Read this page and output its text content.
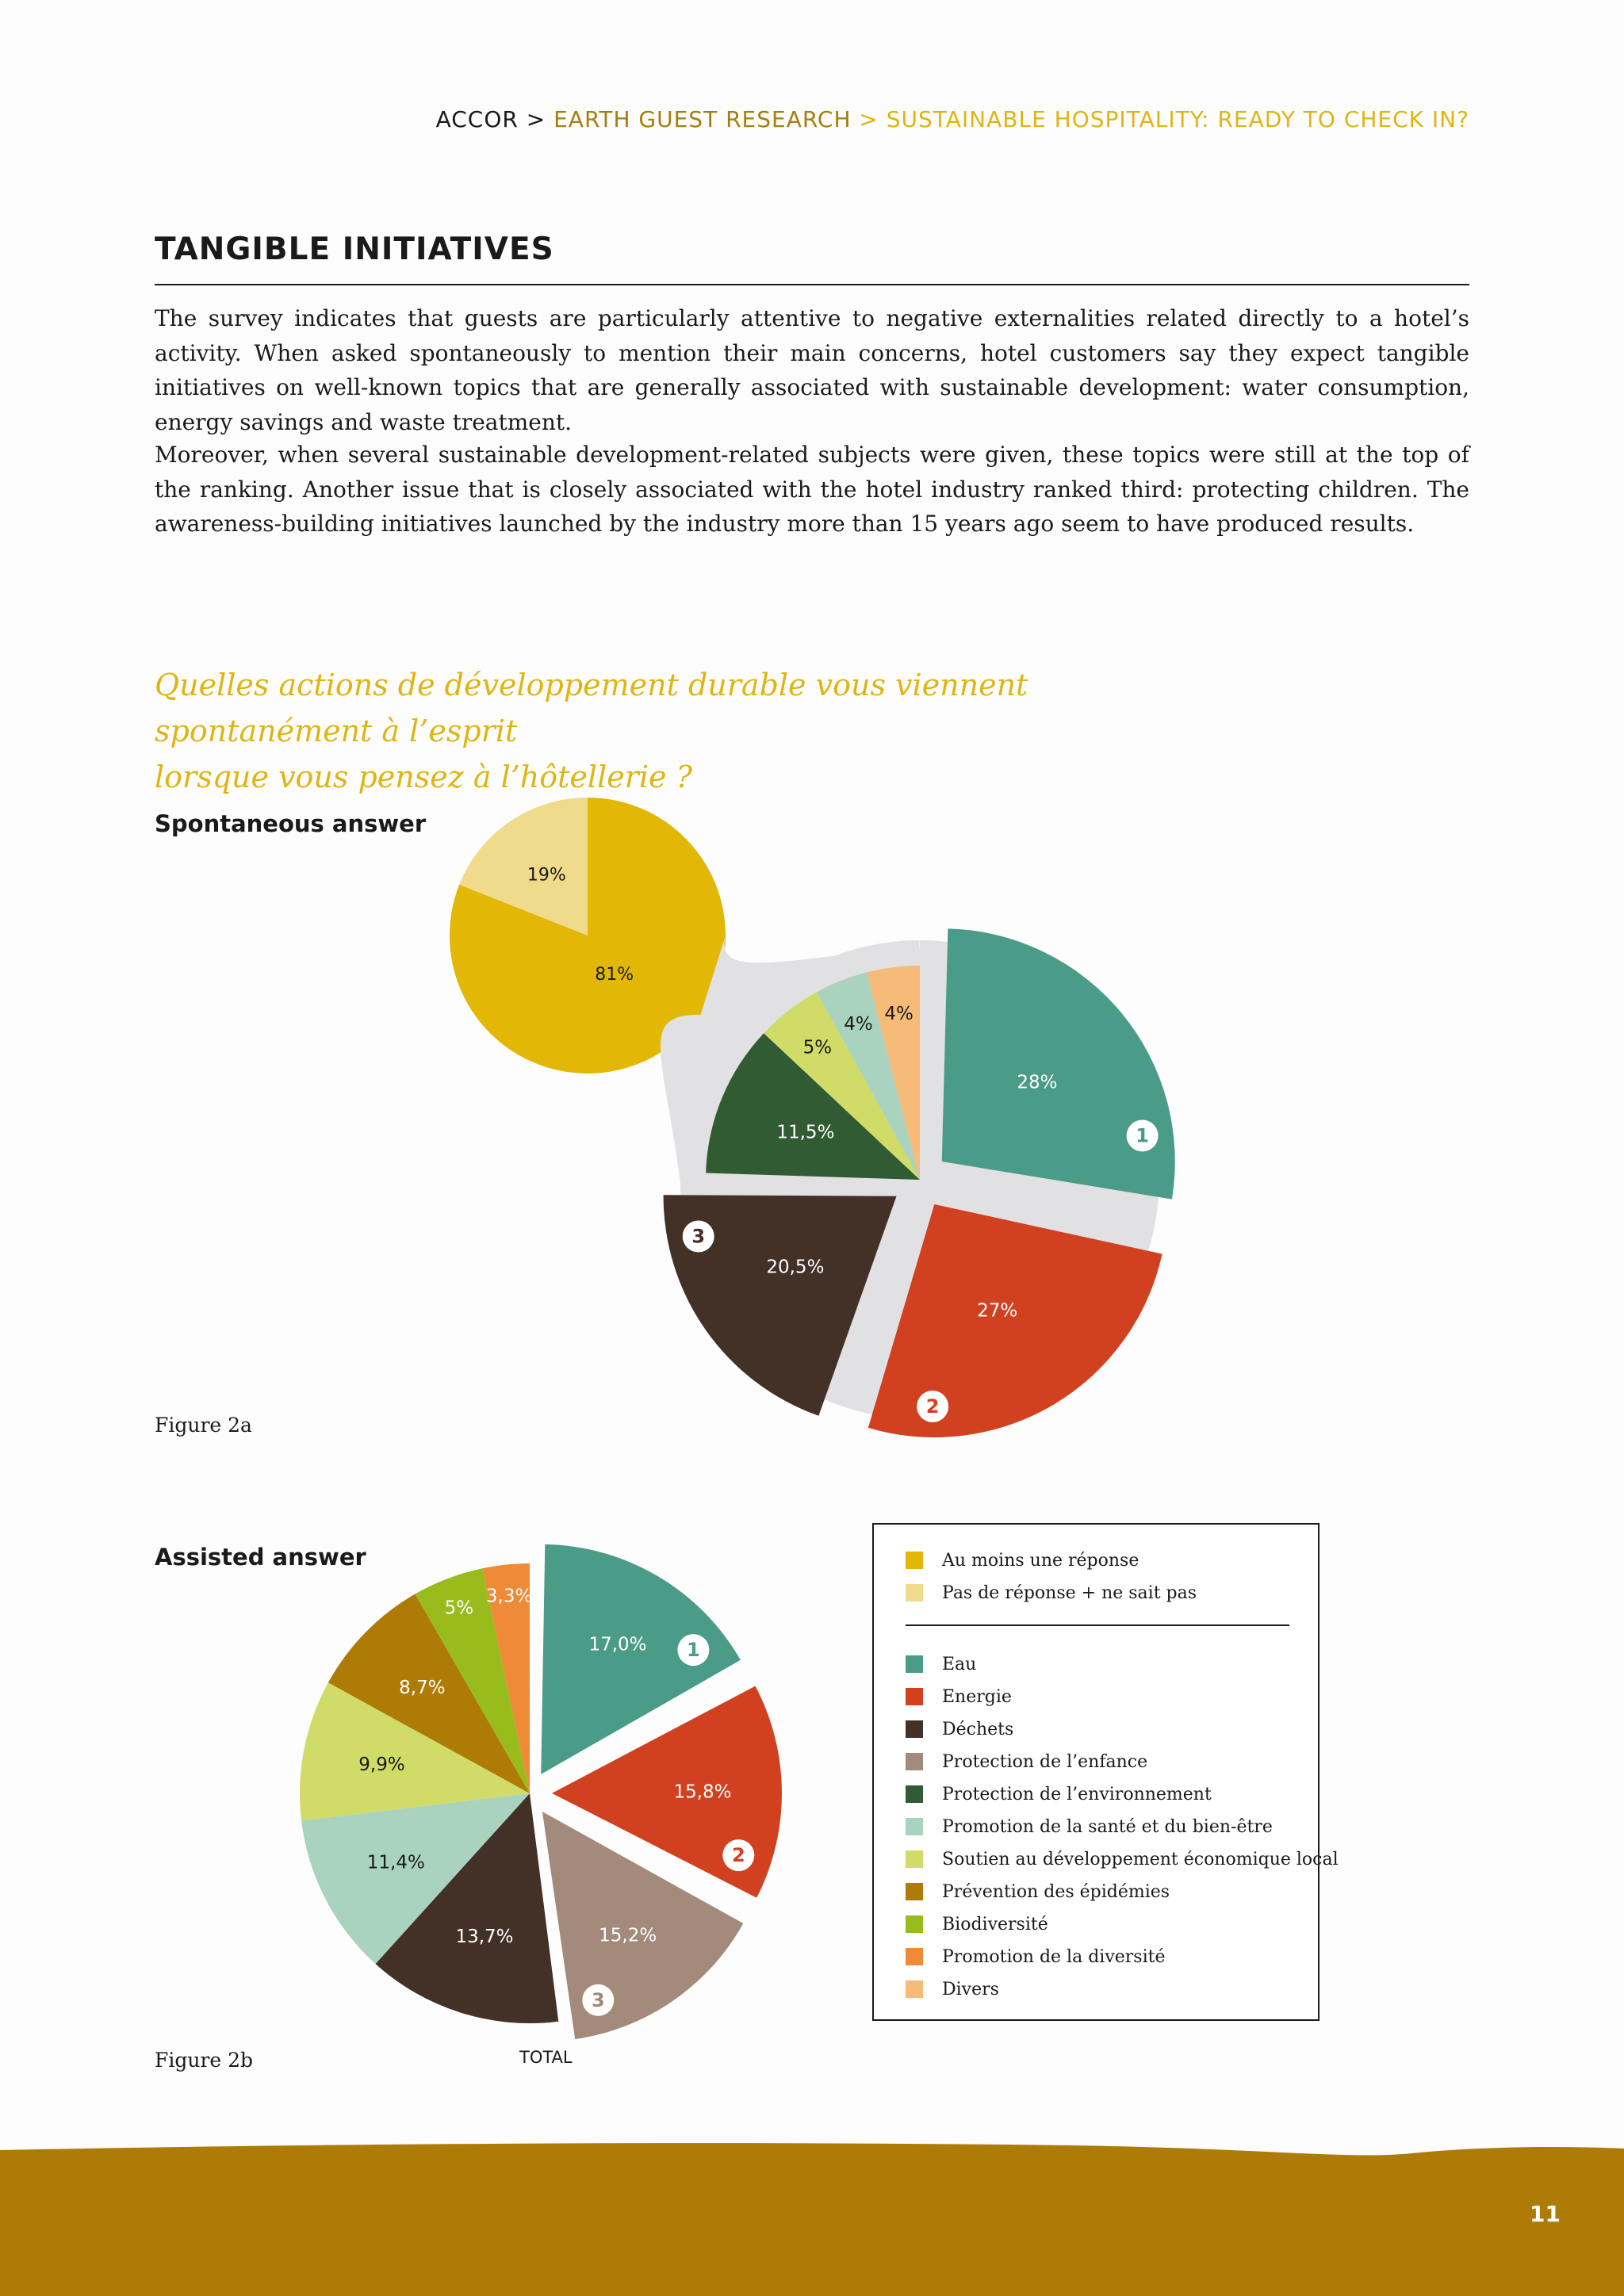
ACCOR > EARTH GUEST RESEARCH > SUSTAINABLE HOSPITALITY: READY TO CHECK IN?
TANGIBLE INITIATIVES

The survey indicates that guests are particularly attentive to negative externalities related directly to a hotel’s activity. When asked spontaneously to mention their main concerns, hotel customers say they expect tangible initiatives on well-known topics that are generally associated with sustainable development: water consumption, energy savings and waste treatment.

Moreover, when several sustainable development-related subjects were given, these topics were still at the top of the ranking. Another issue that is closely associated with the hotel industry ranked third: protecting children. The awareness-building initiatives launched by the industry more than 15 years ago seem to have produced results.

Quelles actions de développement durable vous viennent spontanément à l’esprit
lorsque vous pensez à l’hôtellerie ?
Spontaneous answer
Figure 2a
Assisted answer
Figure 2b	TOTAL
19%
81%
28%
1
27%
2
20,5%
3
11,5%
5%
4%
4%
17,0% 1
15,8%
2
15,2%
3
13,7%
11,4%
9,9%
8,7%
5%
3,3%
Au moins une réponse
Pas de réponse + ne sait pas
Eau
Energie
Déchets
Protection de l’enfance
Protection de l’environnement
Promotion de la santé et du bien-être
Soutien au développement économique local
Prévention des épidémies
Biodiversité
Promotion de la diversité
Divers
11
